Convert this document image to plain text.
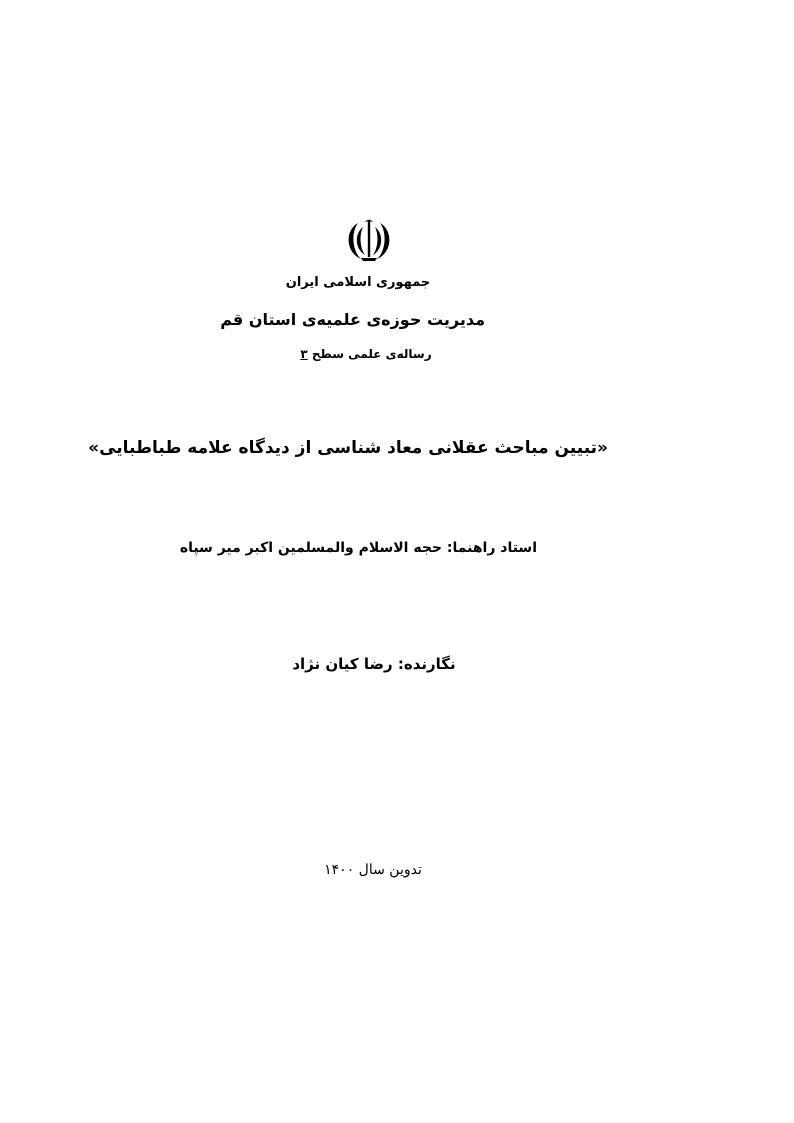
جمهوری اسلامی ایران
مدیریت حوزه‌ی علمیه‌ی استان قم
رساله‌ی علمی سطح ۳
«تبیین مباحث عقلانی معاد شناسی از دیدگاه علامه طباطبایی»
استاد راهنما: حجه الاسلام والمسلمین اکبر میر سپاه
نگارنده: رضا کیان نژاد
تدوین سال ۱۴۰۰
